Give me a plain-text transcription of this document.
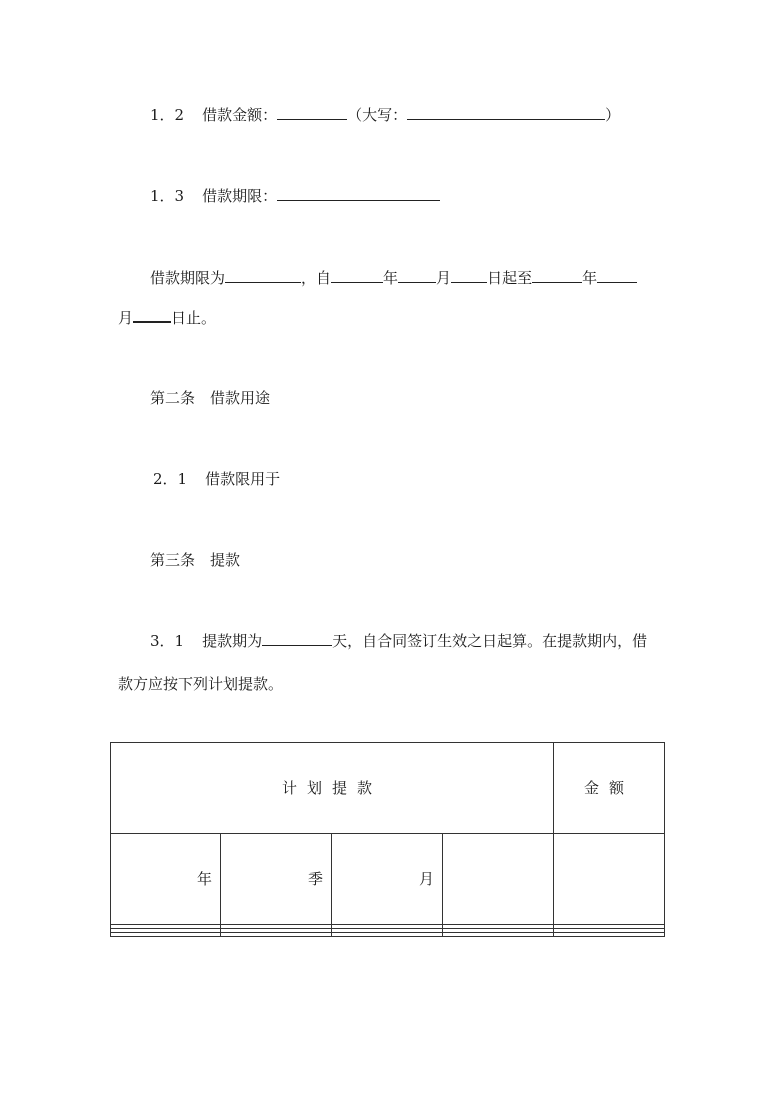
1．2 借款金额：	（大写：	）
1．3 借款期限：
借款期限为	，自	年	月 日起至	年
月	日止。
第二条 借款用途
2．1 借款限用于
第三条 提款
3．1 提款期为	天，自合同签订生效之日起算。在提款期内，借
款方应按下列计划提款。
计划提款				金额
年	季	月		
